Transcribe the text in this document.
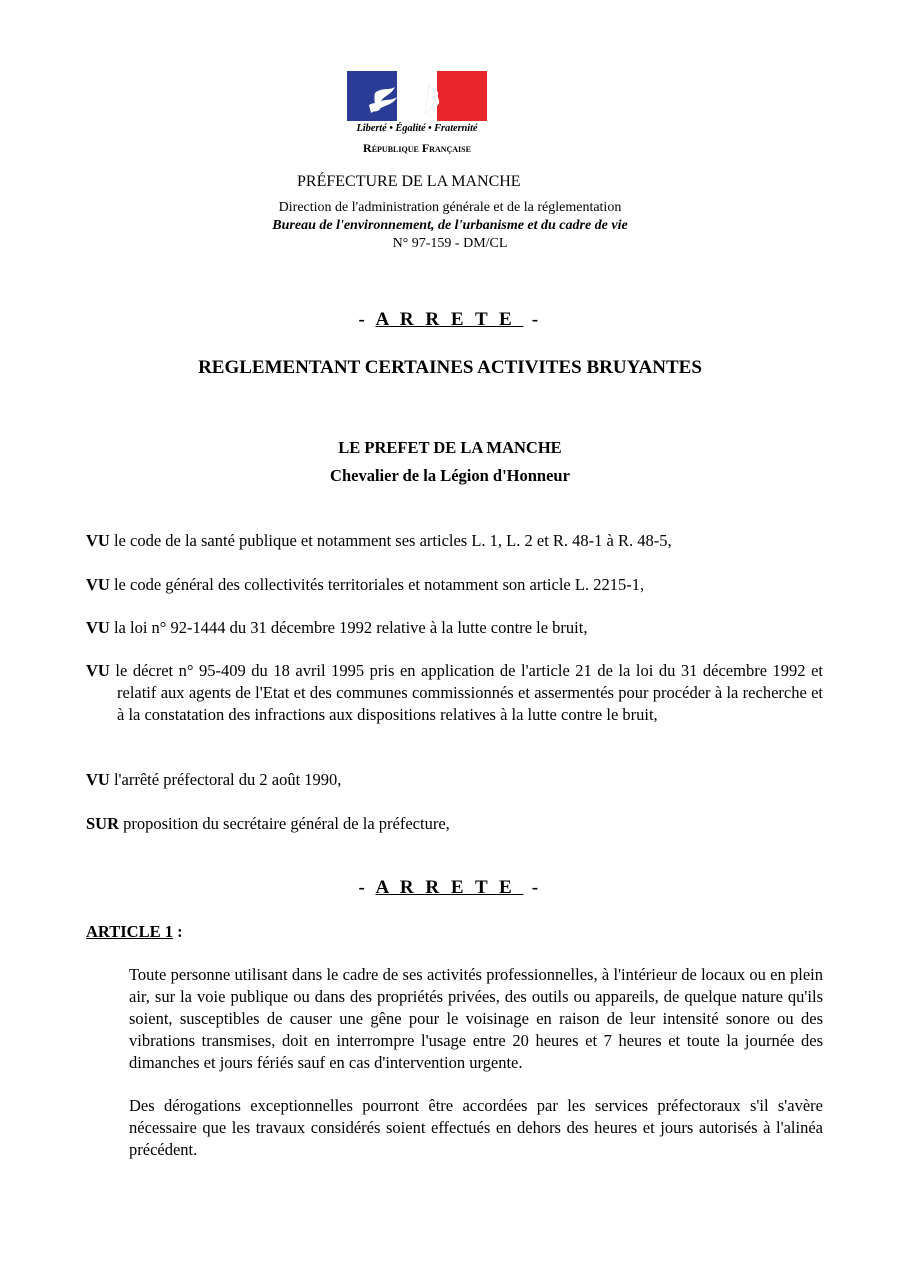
Liberté • Égalité • Fraternité
République Française
PRÉFECTURE DE LA MANCHE
Direction de l'administration générale et de la réglementation
Bureau de l'environnement, de l'urbanisme et du cadre de vie
N° 97-159 - DM/CL
- A R R E T E -
REGLEMENTANT CERTAINES ACTIVITES BRUYANTES
LE PREFET DE LA MANCHE
Chevalier de la Légion d'Honneur
VU le code de la santé publique et notamment ses articles L. 1, L. 2 et R. 48-1 à R. 48-5,
VU le code général des collectivités territoriales et notamment son article L. 2215-1,
VU la loi n° 92-1444 du 31 décembre 1992 relative à la lutte contre le bruit,
VU le décret n° 95-409 du 18 avril 1995 pris en application de l'article 21 de la loi du 31 décembre 1992 et relatif aux agents de l'Etat et des communes commissionnés et assermentés pour procéder à la recherche et à la constatation des infractions aux dispositions relatives à la lutte contre le bruit,
VU l'arrêté préfectoral du 2 août 1990,
SUR proposition du secrétaire général de la préfecture,
- A R R E T E -
ARTICLE 1 :
Toute personne utilisant dans le cadre de ses activités professionnelles, à l'intérieur de locaux ou en plein air, sur la voie publique ou dans des propriétés privées, des outils ou appareils, de quelque nature qu'ils soient, susceptibles de causer une gêne pour le voisinage en raison de leur intensité sonore ou des vibrations transmises, doit en interrompre l'usage entre 20 heures et 7 heures et toute la journée des dimanches et jours fériés sauf en cas d'intervention urgente.
Des dérogations exceptionnelles pourront être accordées par les services préfectoraux s'il s'avère nécessaire que les travaux considérés soient effectués en dehors des heures et jours autorisés à l'alinéa précédent.
